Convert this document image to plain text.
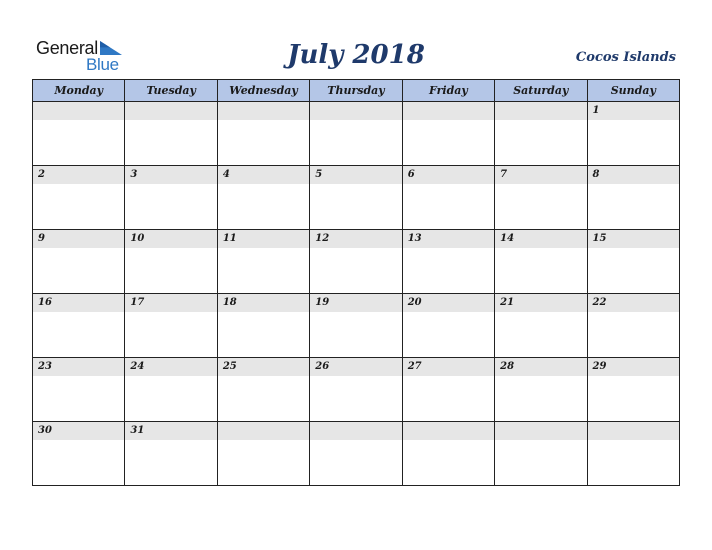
General
Blue	July 2018	Cocos Islands
Monday	Tuesday	Wednesday	Thursday	Friday	Saturday	Sunday

						1

2	3	4	5	6	7	8

9	10	11	12	13	14	15

16	17	18	19	20	21	22

23	24	25	26	27	28	29

30	31					
